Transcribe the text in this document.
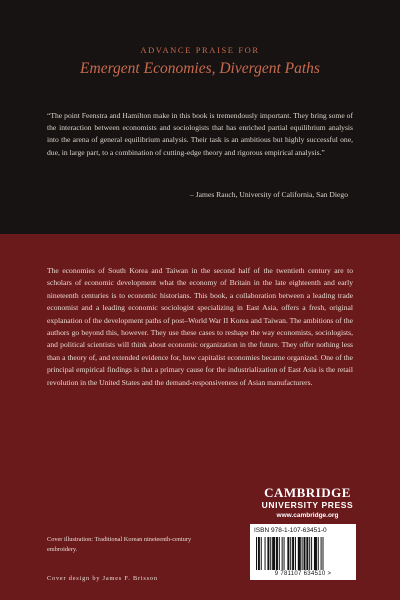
ADVANCE PRAISE FOR
Emergent Economies, Divergent Paths
“The point Feenstra and Hamilton make in this book is tremendously important. They bring some of the interaction between economists and sociologists that has enriched partial equilibrium analysis into the arena of general equilibrium analysis. Their task is an ambitious but highly successful one, due, in large part, to a combination of cutting-edge theory and rigorous empirical analysis.”
– James Rauch, University of California, San Diego
The economies of South Korea and Taiwan in the second half of the twentieth century are to scholars of economic development what the economy of Britain in the late eighteenth and early nineteenth centuries is to economic historians. This book, a collaboration between a leading trade economist and a leading economic sociologist specializing in East Asia, offers a fresh, original explanation of the development paths of post–World War II Korea and Taiwan. The ambitions of the authors go beyond this, however. They use these cases to reshape the way economists, sociologists, and political scientists will think about economic organization in the future. They offer nothing less than a theory of, and extended evidence for, how capitalist economies became organized. One of the principal empirical findings is that a primary cause for the industrialization of East Asia is the retail revolution in the United States and the demand-responsiveness of Asian manufacturers.
CAMBRIDGE
UNIVERSITY PRESS
www.cambridge.org
ISBN 978-1-107-63451-0
9 781107 634510 >
Cover illustration: Traditional Korean nineteenth-century embroidery.
Cover design by James F. Brisson
